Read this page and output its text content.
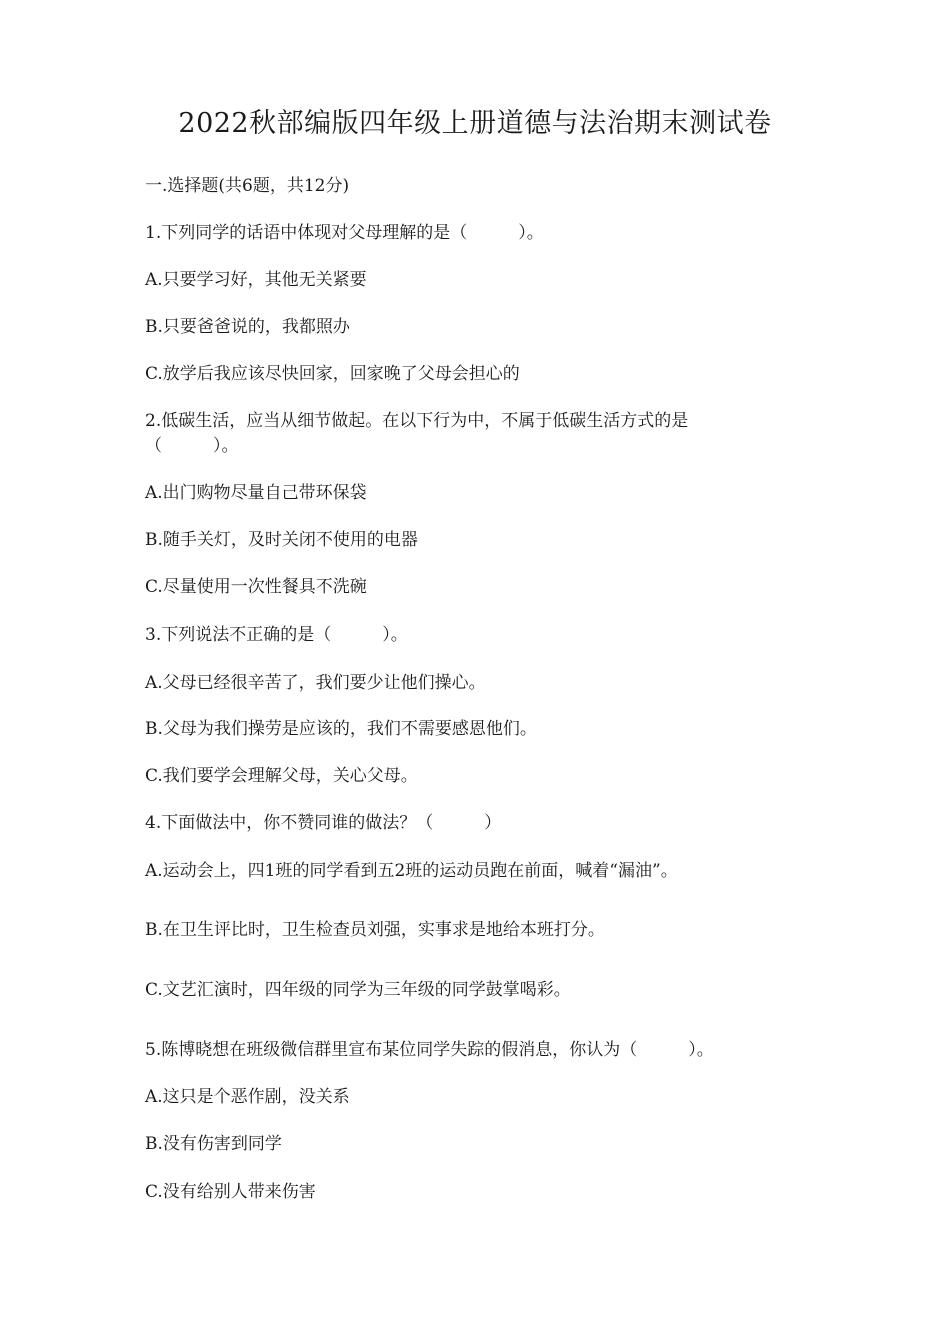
2022秋部编版四年级上册道德与法治期末测试卷
一.选择题(共6题，共12分)
1.下列同学的话语中体现对父母理解的是（　　　）。
A.只要学习好，其他无关紧要
B.只要爸爸说的，我都照办
C.放学后我应该尽快回家，回家晚了父母会担心的
2.低碳生活，应当从细节做起。在以下行为中，不属于低碳生活方式的是
（　　　）。
A.出门购物尽量自己带环保袋
B.随手关灯，及时关闭不使用的电器
C.尽量使用一次性餐具不洗碗
3.下列说法不正确的是（　　　）。
A.父母已经很辛苦了，我们要少让他们操心。
B.父母为我们操劳是应该的，我们不需要感恩他们。
C.我们要学会理解父母，关心父母。
4.下面做法中，你不赞同谁的做法？（　　　）
A.运动会上，四1班的同学看到五2班的运动员跑在前面，喊着“漏油”。
B.在卫生评比时，卫生检查员刘强，实事求是地给本班打分。
C.文艺汇演时，四年级的同学为三年级的同学鼓掌喝彩。
5.陈博晓想在班级微信群里宣布某位同学失踪的假消息，你认为（　　　）。
A.这只是个恶作剧，没关系
B.没有伤害到同学
C.没有给别人带来伤害
